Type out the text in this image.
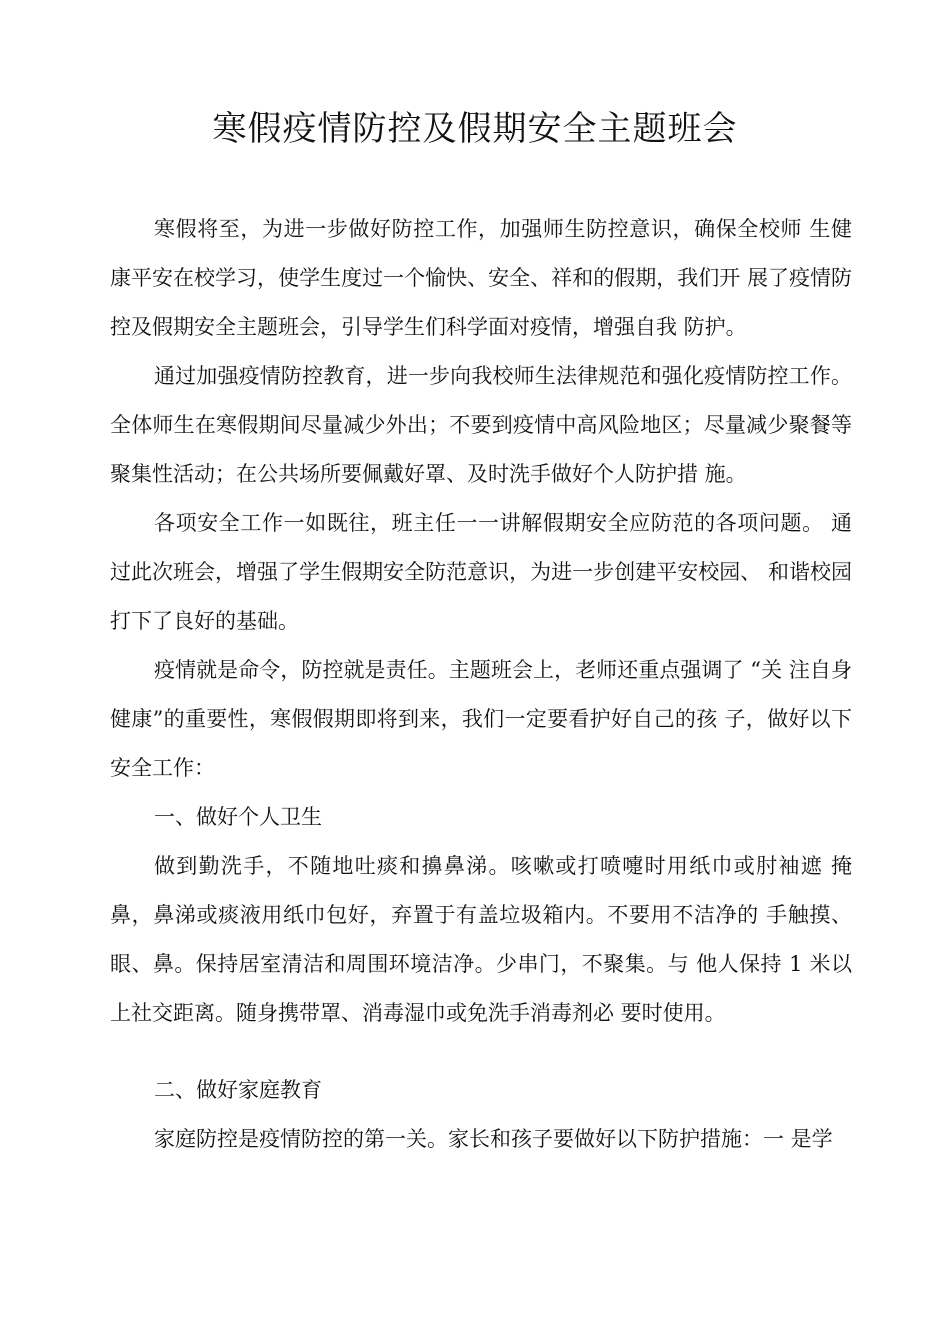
寒假疫情防控及假期安全主题班会

寒假将至，为进一步做好防控工作，加强师生防控意识，确保全校师 生健康平安在校学习，使学生度过一个愉快、安全、祥和的假期，我们开 展了疫情防控及假期安全主题班会，引导学生们科学面对疫情，增强自我 防护。

通过加强疫情防控教育，进一步向我校师生法律规范和强化疫情防控工作。 全体师生在寒假期间尽量减少外出；不要到疫情中高风险地区；尽量减少聚餐等聚集性活动；在公共场所要佩戴好罩、及时洗手做好个人防护措 施。

各项安全工作一如既往，班主任一一讲解假期安全应防范的各项问题。 通过此次班会，增强了学生假期安全防范意识，为进一步创建平安校园、 和谐校园打下了良好的基础。

疫情就是命令，防控就是责任。主题班会上，老师还重点强调了 “关 注自身健康”的重要性，寒假假期即将到来，我们一定要看护好自己的孩 子，做好以下安全工作：

一、做好个人卫生

做到勤洗手，不随地吐痰和擤鼻涕。咳嗽或打喷嚏时用纸巾或肘袖遮 掩鼻，鼻涕或痰液用纸巾包好，弃置于有盖垃圾箱内。不要用不洁净的 手触摸、眼、鼻。保持居室清洁和周围环境洁净。少串门，不聚集。与 他人保持 1 米以上社交距离。随身携带罩、消毒湿巾或免洗手消毒剂必 要时使用。

二、做好家庭教育

家庭防控是疫情防控的第一关。家长和孩子要做好以下防护措施：一 是学
